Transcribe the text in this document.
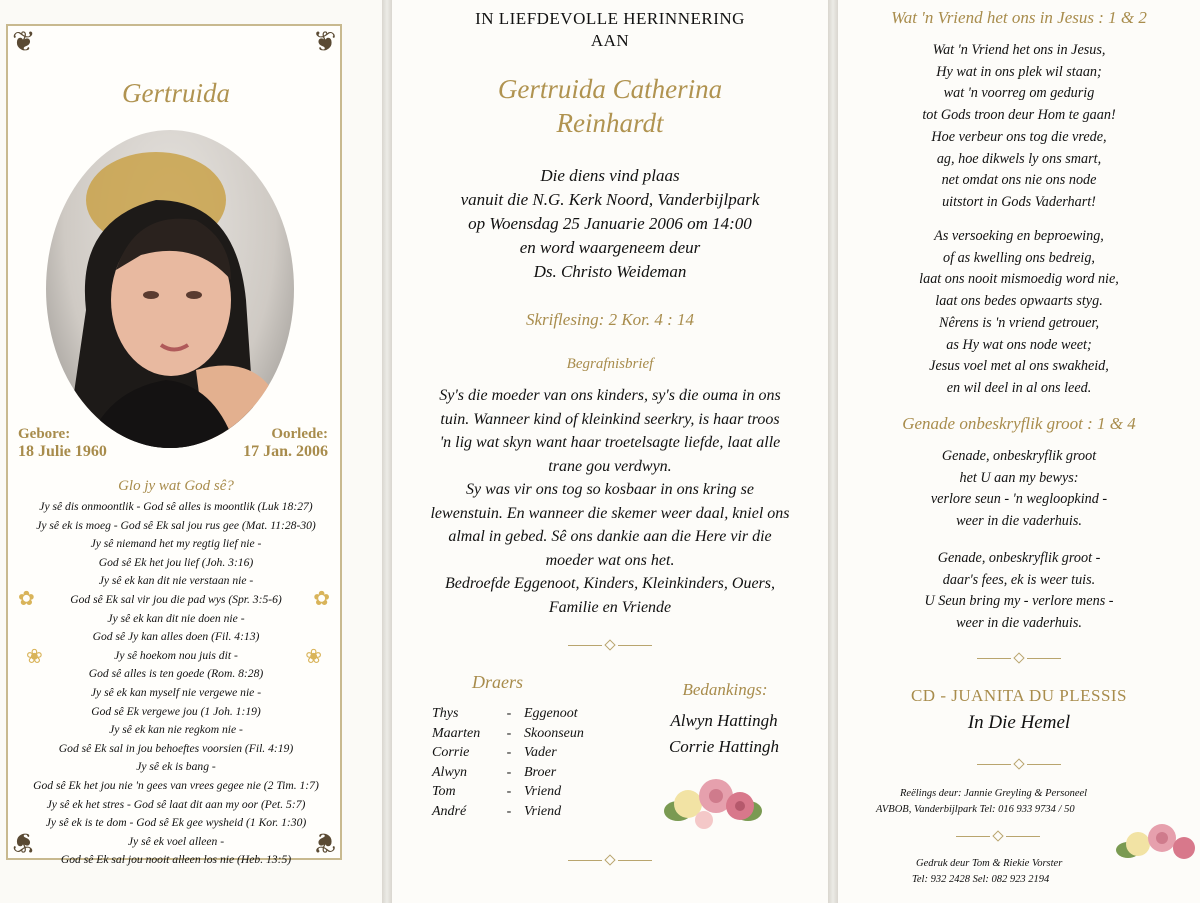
❦	❦
❦	❦
Gertruida
Gebore:
18 Julie 1960
Oorlede:
17 Jan. 2006
Glo jy wat God sê?
Jy sê dis onmoontlik - God sê alles is moontlik (Luk 18:27)
Jy sê ek is moeg - God sê Ek sal jou rus gee (Mat. 11:28-30)
Jy sê niemand het my regtig lief nie -
God sê Ek het jou lief (Joh. 3:16)
Jy sê ek kan dit nie verstaan nie -
God sê Ek sal vir jou die pad wys (Spr. 3:5-6)
Jy sê ek kan dit nie doen nie -
God sê Jy kan alles doen (Fil. 4:13)
Jy sê hoekom nou juis dit -
God sê alles is ten goede (Rom. 8:28)
Jy sê ek kan myself nie vergewe nie -
God sê Ek vergewe jou (1 Joh. 1:19)
Jy sê ek kan nie regkom nie -
God sê Ek sal in jou behoeftes voorsien (Fil. 4:19)
Jy sê ek is bang -
God sê Ek het jou nie 'n gees van vrees gegee nie (2 Tim. 1:7)
Jy sê ek het stres - God sê laat dit aan my oor (Pet. 5:7)
Jy sê ek is te dom - God sê Ek gee wysheid (1 Kor. 1:30)
Jy sê ek voel alleen -
God sê Ek sal jou nooit alleen los nie (Heb. 13:5)
✿
❀
✿
❀
IN LIEFDEVOLLE HERINNERING
AAN
Gertruida Catherina
Reinhardt
Die diens vind plaas
vanuit die N.G. Kerk Noord, Vanderbijlpark
op Woensdag 25 Januarie 2006 om 14:00
en word waargeneem deur
Ds. Christo Weideman
Skriflesing: 2 Kor. 4 : 14
Begrafnisbrief
Sy's die moeder van ons kinders, sy's die ouma in ons
tuin. Wanneer kind of kleinkind seerkry, is haar troos
'n lig wat skyn want haar troetelsagte liefde, laat alle
trane gou verdwyn.
Sy was vir ons tog so kosbaar in ons kring se
lewenstuin. En wanneer die skemer weer daal, kniel ons
almal in gebed. Sê ons dankie aan die Here vir die
moeder wat ons het.
Bedroefde Eggenoot, Kinders, Kleinkinders, Ouers,
Familie en Vriende
Draers
Thys	- Eggenoot
Maarten	- Skoonseun
Corrie	- Vader
Alwyn	- Broer
Tom	- Vriend
André	- Vriend
Bedankings:
Alwyn Hattingh
Corrie Hattingh
Wat 'n Vriend het ons in Jesus : 1 & 2
Wat 'n Vriend het ons in Jesus,
Hy wat in ons plek wil staan;
wat 'n voorreg om gedurig
tot Gods troon deur Hom te gaan!
Hoe verbeur ons tog die vrede,
ag, hoe dikwels ly ons smart,
net omdat ons nie ons node
uitstort in Gods Vaderhart!
As versoeking en beproewing,
of as kwelling ons bedreig,
laat ons nooit mismoedig word nie,
laat ons bedes opwaarts styg.
Nêrens is 'n vriend getrouer,
as Hy wat ons node weet;
Jesus voel met al ons swakheid,
en wil deel in al ons leed.
Genade onbeskryflik groot : 1 & 4
Genade, onbeskryflik groot
het U aan my bewys:
verlore seun - 'n wegloopkind -
weer in die vaderhuis.
Genade, onbeskryflik groot -
daar's fees, ek is weer tuis.
U Seun bring my - verlore mens -
weer in die vaderhuis.
CD - JUANITA DU PLESSIS
In Die Hemel
Reëlings deur: Jannie Greyling & Personeel
AVBOB, Vanderbijlpark Tel: 016 933 9734 / 50
Gedruk deur Tom & Riekie Vorster
Tel: 932 2428 Sel: 082 923 2194
